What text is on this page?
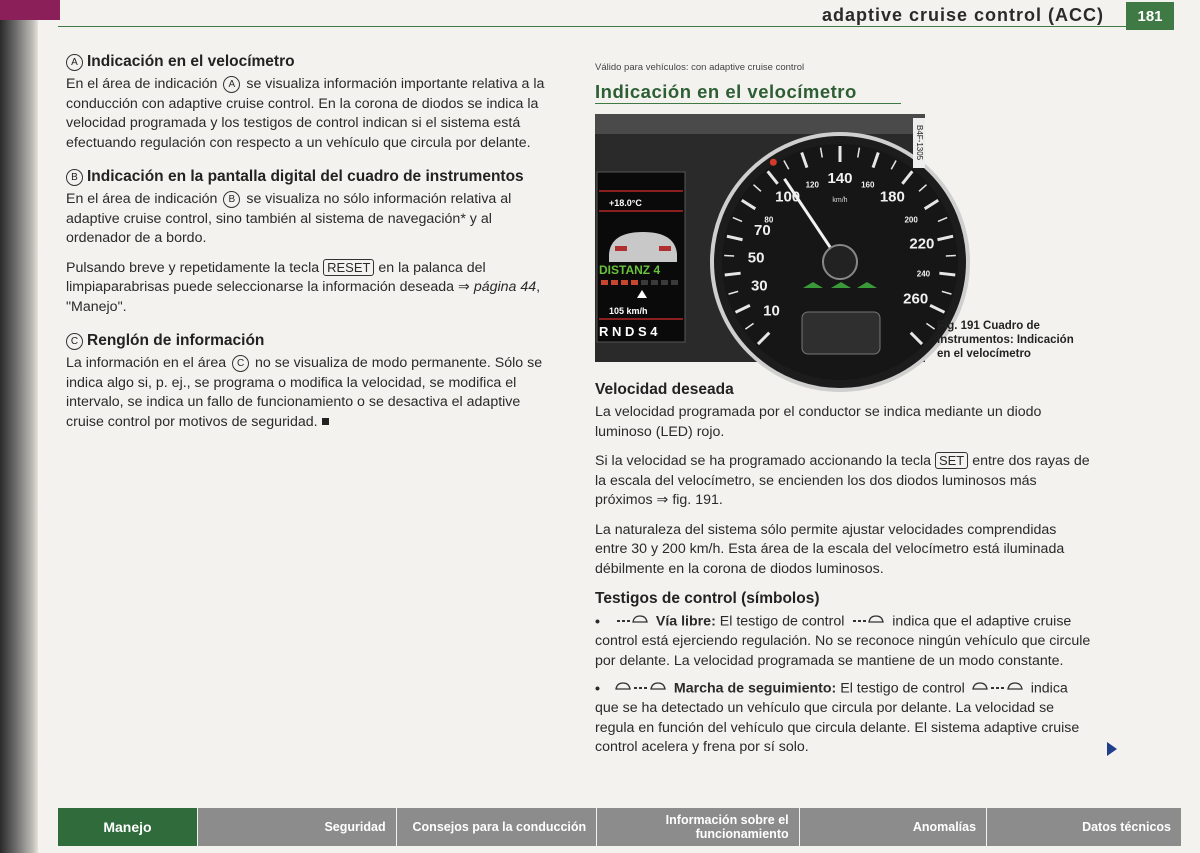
adaptive cruise control (ACC)	181
A Indicación en el velocímetro

En el área de indicación A se visualiza información importante relativa a la conducción con adaptive cruise control. En la corona de diodos se indica la velocidad programada y los testigos de control indican si el sistema está efectuando regulación con respecto a un vehículo que circula por delante.

B Indicación en la pantalla digital del cuadro de instrumentos

En el área de indicación B se visualiza no sólo información relativa al adaptive cruise control, sino también al sistema de navegación* y al ordenador de a bordo.

Pulsando breve y repetidamente la tecla RESET en la palanca del limpiaparabrisas puede seleccionarse la información deseada ⇒ página 44, "Manejo".

C Renglón de información

La información en el área C no se visualiza de modo permanente. Sólo se indica algo si, p. ej., se programa o modifica la velocidad, se modifica el intervalo, se indica un fallo de funcionamiento o se desactiva el adaptive cruise control por motivos de seguridad.

Válido para vehículos: con adaptive cruise control
Indicación en el velocímetro
+18.0°C
DISTANZ 4
105 km/h
R N D S 4
10
30
50
70
80
100
120 140 160
180
200
220
240
260
km/h
B4F-1305
Fig. 191 Cuadro de instrumentos: Indicación en el velocímetro
Velocidad deseada

La velocidad programada por el conductor se indica mediante un diodo luminoso (LED) rojo.

Si la velocidad se ha programado accionando la tecla SET entre dos rayas de la escala del velocímetro, se encienden los dos diodos luminosos más próximos ⇒ fig. 191.

La naturaleza del sistema sólo permite ajustar velocidades comprendidas entre 30 y 200 km/h. Esta área de la escala del velocímetro está iluminada débilmente en la corona de diodos luminosos.

Testigos de control (símbolos)
•	Vía libre: El testigo de control	indica que el adaptive cruise control está ejerciendo regulación. No se reconoce ningún vehículo que circule por delante. La velocidad programada se mantiene de un modo constante.
•	Marcha de seguimiento: El testigo de control	indica que se ha detectado un vehículo que circula por delante. La velocidad se regula en función del vehículo que circula delante. El sistema adaptive cruise control acelera y frena por sí solo.
Manejo	Seguridad	Consejos para la conducción	Información sobre el funcionamiento	Anomalías	Datos técnicos
